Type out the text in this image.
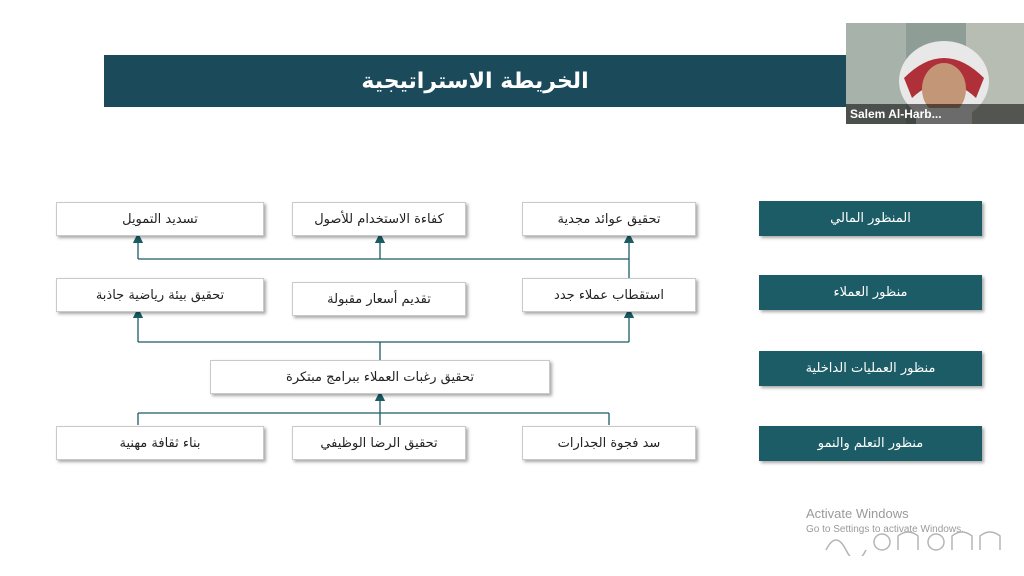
الخريطة الاستراتيجية
Salem Al-Harb...
المنظور المالي
منظور العملاء
منظور العمليات الداخلية
منظور التعلم والنمو
تحقيق عوائد مجدية
كفاءة الاستخدام للأصول
تسديد التمويل
استقطاب عملاء جدد
تقديم أسعار مقبولة
تحقيق بيئة رياضية جاذبة
تحقيق رغبات العملاء ببرامج مبتكرة
سد فجوة الجدارات
تحقيق الرضا الوظيفي
بناء ثقافة مهنية
Activate Windows
Go to Settings to activate Windows.
